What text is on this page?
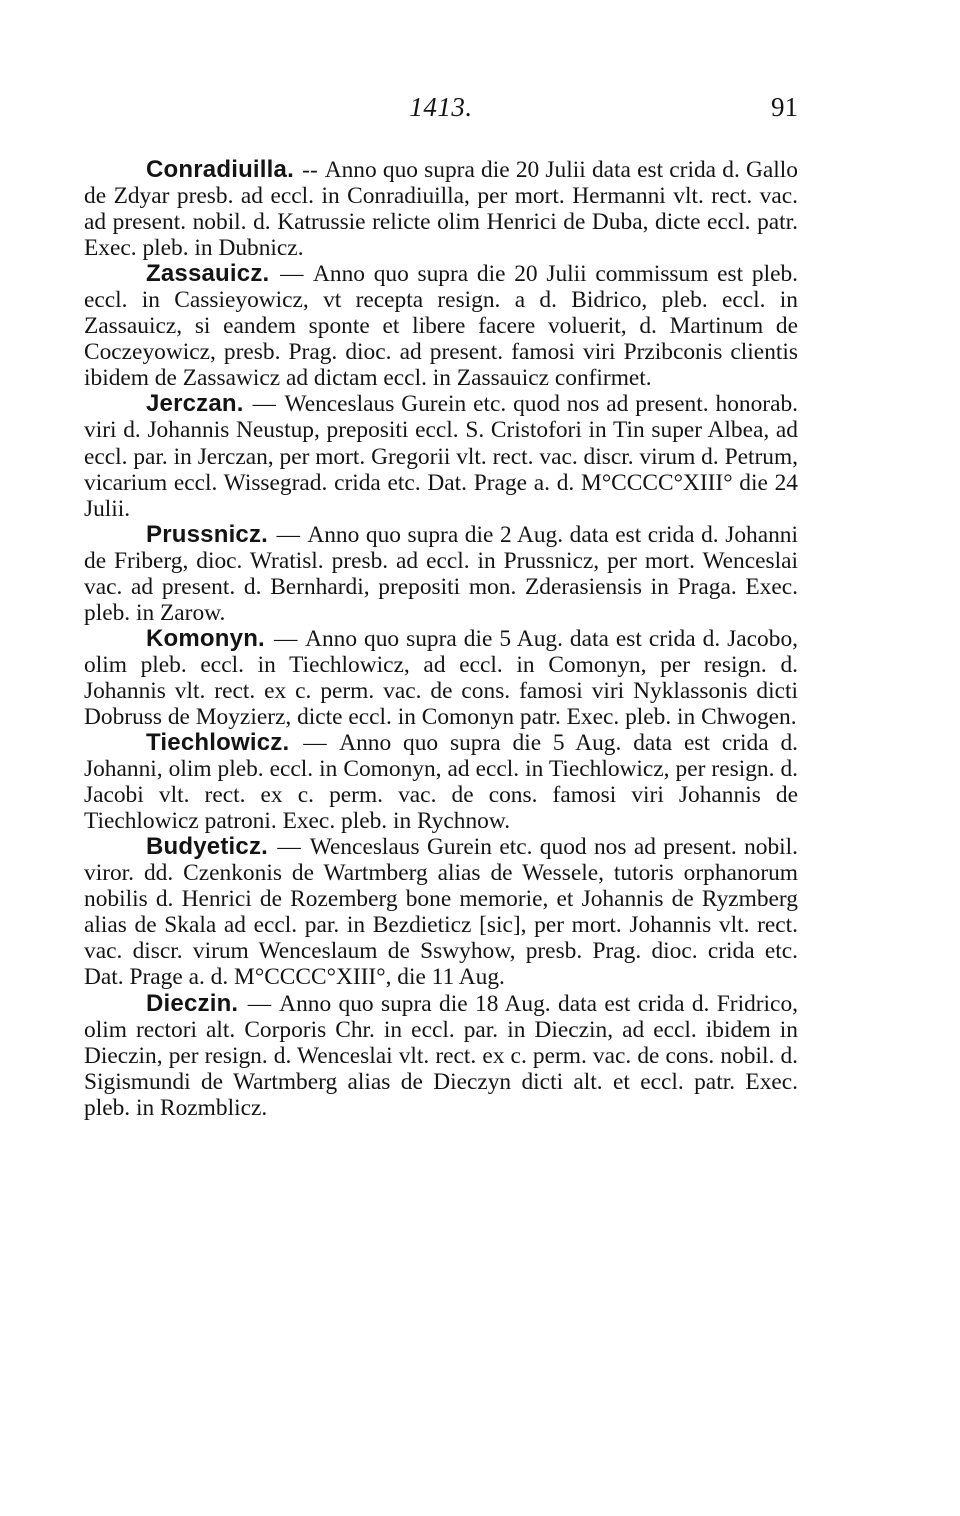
1413.	91

Conradiuilla. -- Anno quo supra die 20 Julii data est crida d. Gallo de Zdyar presb. ad eccl. in Conradiuilla, per mort. Hermanni vlt. rect. vac. ad present. nobil. d. Katrussie relicte olim Henrici de Duba, dicte eccl. patr. Exec. pleb. in Dubnicz.

Zassauicz. — Anno quo supra die 20 Julii commissum est pleb. eccl. in Cassieyowicz, vt recepta resign. a d. Bidrico, pleb. eccl. in Zassauicz, si eandem sponte et libere facere voluerit, d. Martinum de Coczeyowicz, presb. Prag. dioc. ad present. famosi viri Przibconis clientis ibidem de Zassawicz ad dictam eccl. in Zassauicz confirmet.

Jerczan. — Wenceslaus Gurein etc. quod nos ad present. honorab. viri d. Johannis Neustup, prepositi eccl. S. Cristofori in Tin super Albea, ad eccl. par. in Jerczan, per mort. Gregorii vlt. rect. vac. discr. virum d. Petrum, vicarium eccl. Wissegrad. crida etc. Dat. Prage a. d. M°CCCC°XIII° die 24 Julii.

Prussnicz. — Anno quo supra die 2 Aug. data est crida d. Johanni de Friberg, dioc. Wratisl. presb. ad eccl. in Prussnicz, per mort. Wenceslai vac. ad present. d. Bernhardi, prepositi mon. Zderasiensis in Praga. Exec. pleb. in Zarow.

Komonyn. — Anno quo supra die 5 Aug. data est crida d. Jacobo, olim pleb. eccl. in Tiechlowicz, ad eccl. in Comonyn, per resign. d. Johannis vlt. rect. ex c. perm. vac. de cons. famosi viri Nyklassonis dicti Dobruss de Moyzierz, dicte eccl. in Comonyn patr. Exec. pleb. in Chwogen.

Tiechlowicz. — Anno quo supra die 5 Aug. data est crida d. Johanni, olim pleb. eccl. in Comonyn, ad eccl. in Tiechlowicz, per resign. d. Jacobi vlt. rect. ex c. perm. vac. de cons. famosi viri Johannis de Tiechlowicz patroni. Exec. pleb. in Rychnow.

Budyeticz. — Wenceslaus Gurein etc. quod nos ad present. nobil. viror. dd. Czenkonis de Wartmberg alias de Wessele, tutoris orphanorum nobilis d. Henrici de Rozemberg bone memorie, et Johannis de Ryzmberg alias de Skala ad eccl. par. in Bezdieticz [sic], per mort. Johannis vlt. rect. vac. discr. virum Wenceslaum de Sswyhow, presb. Prag. dioc. crida etc. Dat. Prage a. d. M°CCCC°XIII°, die 11 Aug.

Dieczin. — Anno quo supra die 18 Aug. data est crida d. Fridrico, olim rectori alt. Corporis Chr. in eccl. par. in Dieczin, ad eccl. ibidem in Dieczin, per resign. d. Wenceslai vlt. rect. ex c. perm. vac. de cons. nobil. d. Sigismundi de Wartmberg alias de Dieczyn dicti alt. et eccl. patr. Exec. pleb. in Rozmblicz.
